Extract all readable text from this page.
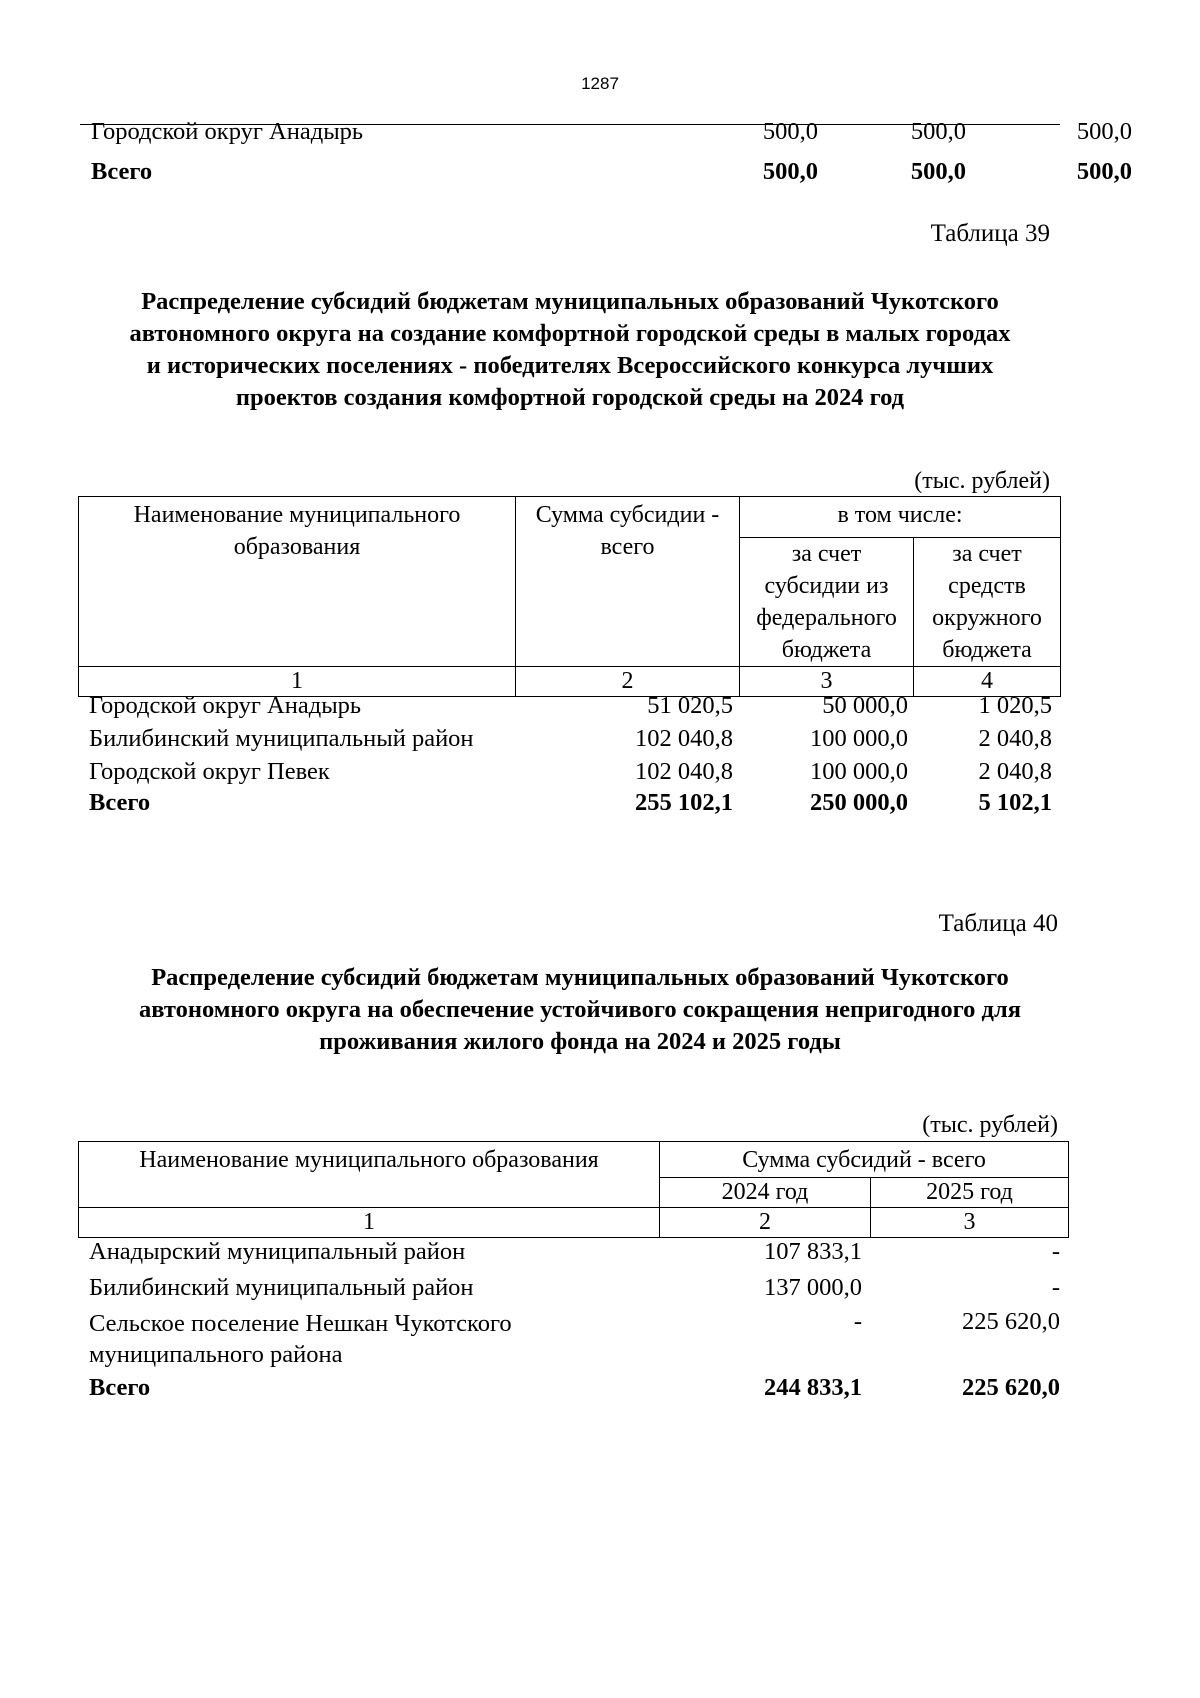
1287
Городской округ Анадырь	500,0	500,0	500,0
Всего	500,0	500,0	500,0
Таблица 39
Распределение субсидий бюджетам муниципальных образований Чукотского
автономного округа на создание комфортной городской среды в малых городах
и исторических поселениях - победителях Всероссийского конкурса лучших
проектов создания комфортной городской среды на 2024 год
(тыс. рублей)
Наименование муниципального образования	Сумма субсидии - всего	в том числе:	
		за счет субсидии из федерального бюджета	за счет средств окружного бюджета
1	2	3	4
Городской округ Анадырь	51 020,5	50 000,0	1 020,5
Билибинский муниципальный район	102 040,8	100 000,0	2 040,8
Городской округ Певек	102 040,8	100 000,0	2 040,8
Всего	255 102,1	250 000,0	5 102,1
Таблица 40
Распределение субсидий бюджетам муниципальных образований Чукотского
автономного округа на обеспечение устойчивого сокращения непригодного для
проживания жилого фонда на 2024 и 2025 годы
(тыс. рублей)
Наименование муниципального образования	Сумма субсидий - всего	
	2024 год	2025 год
1	2	3
Анадырский муниципальный район	107 833,1	-
Билибинский муниципальный район	137 000,0	-
Сельское поселение Нешкан Чукотского муниципального района	-	225 620,0
Всего	244 833,1	225 620,0
